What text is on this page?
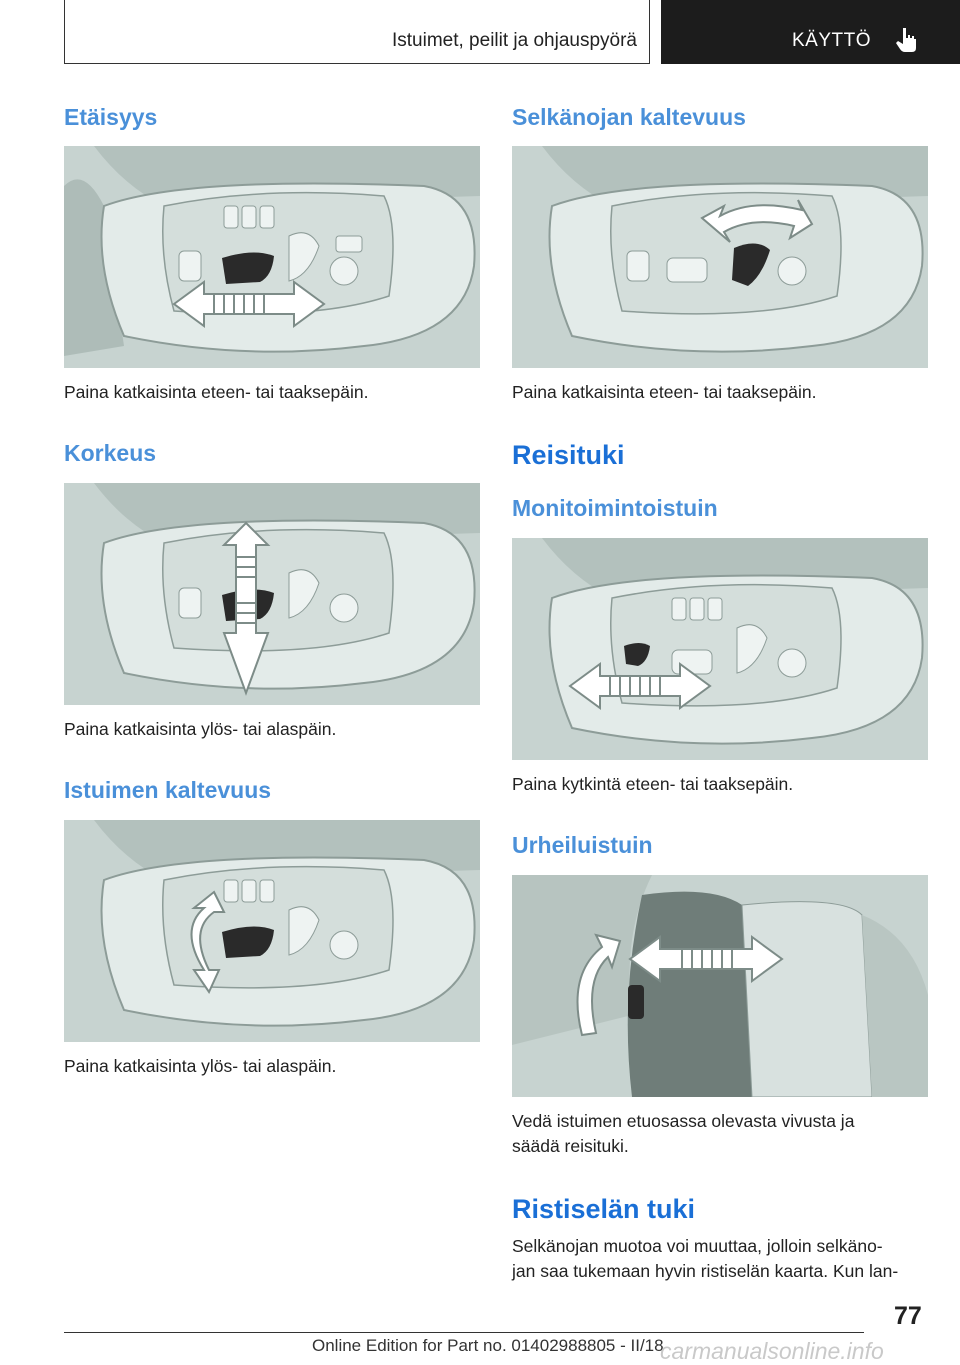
Istuimet, peilit ja ohjauspyörä	KÄYTTÖ
Etäisyys
Paina katkaisinta eteen- tai taaksepäin.
Korkeus
Paina katkaisinta ylös- tai alaspäin.
Istuimen kaltevuus
Paina katkaisinta ylös- tai alaspäin.
Selkänojan kaltevuus
Paina katkaisinta eteen- tai taaksepäin.
Reisituki
Monitoimintoistuin
Paina kytkintä eteen- tai taaksepäin.
Urheiluistuin
Vedä istuimen etuosassa olevasta vivusta ja
säädä reisituki.
Ristiselän tuki
Selkänojan muotoa voi muuttaa, jolloin selkäno-
jan saa tukemaan hyvin ristiselän kaarta. Kun lan-
77
Online Edition for Part no. 01402988805 - II/18
carmanualsonline.info
